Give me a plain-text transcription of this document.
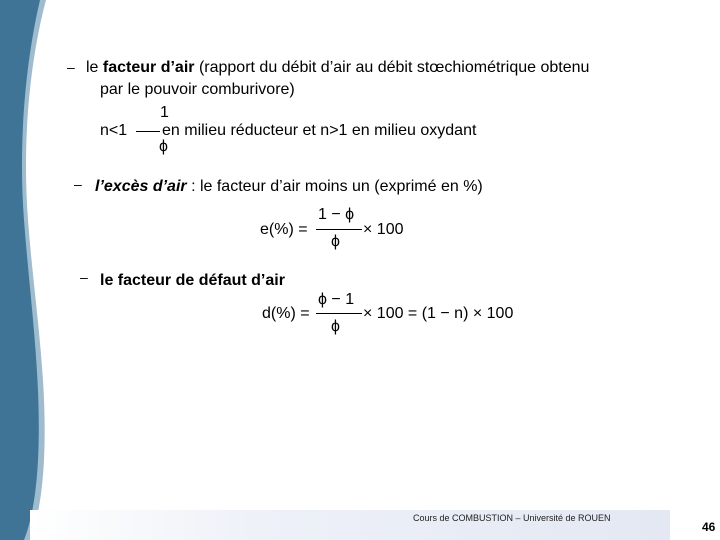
– le facteur d’air (rapport du débit d’air au débit stœchiométrique obtenu
par le pouvoir comburivore)
n<1
1
ϕ
en milieu réducteur et n>1 en milieu oxydant
– l’excès d’air : le facteur d’air moins un (exprimé en %)
e(%) =
1 − ϕ
ϕ
× 100
– le facteur de défaut d’air
d(%) =
ϕ − 1
ϕ
× 100 = (1 − n) × 100
Cours de COMBUSTION – Université de ROUEN
46
